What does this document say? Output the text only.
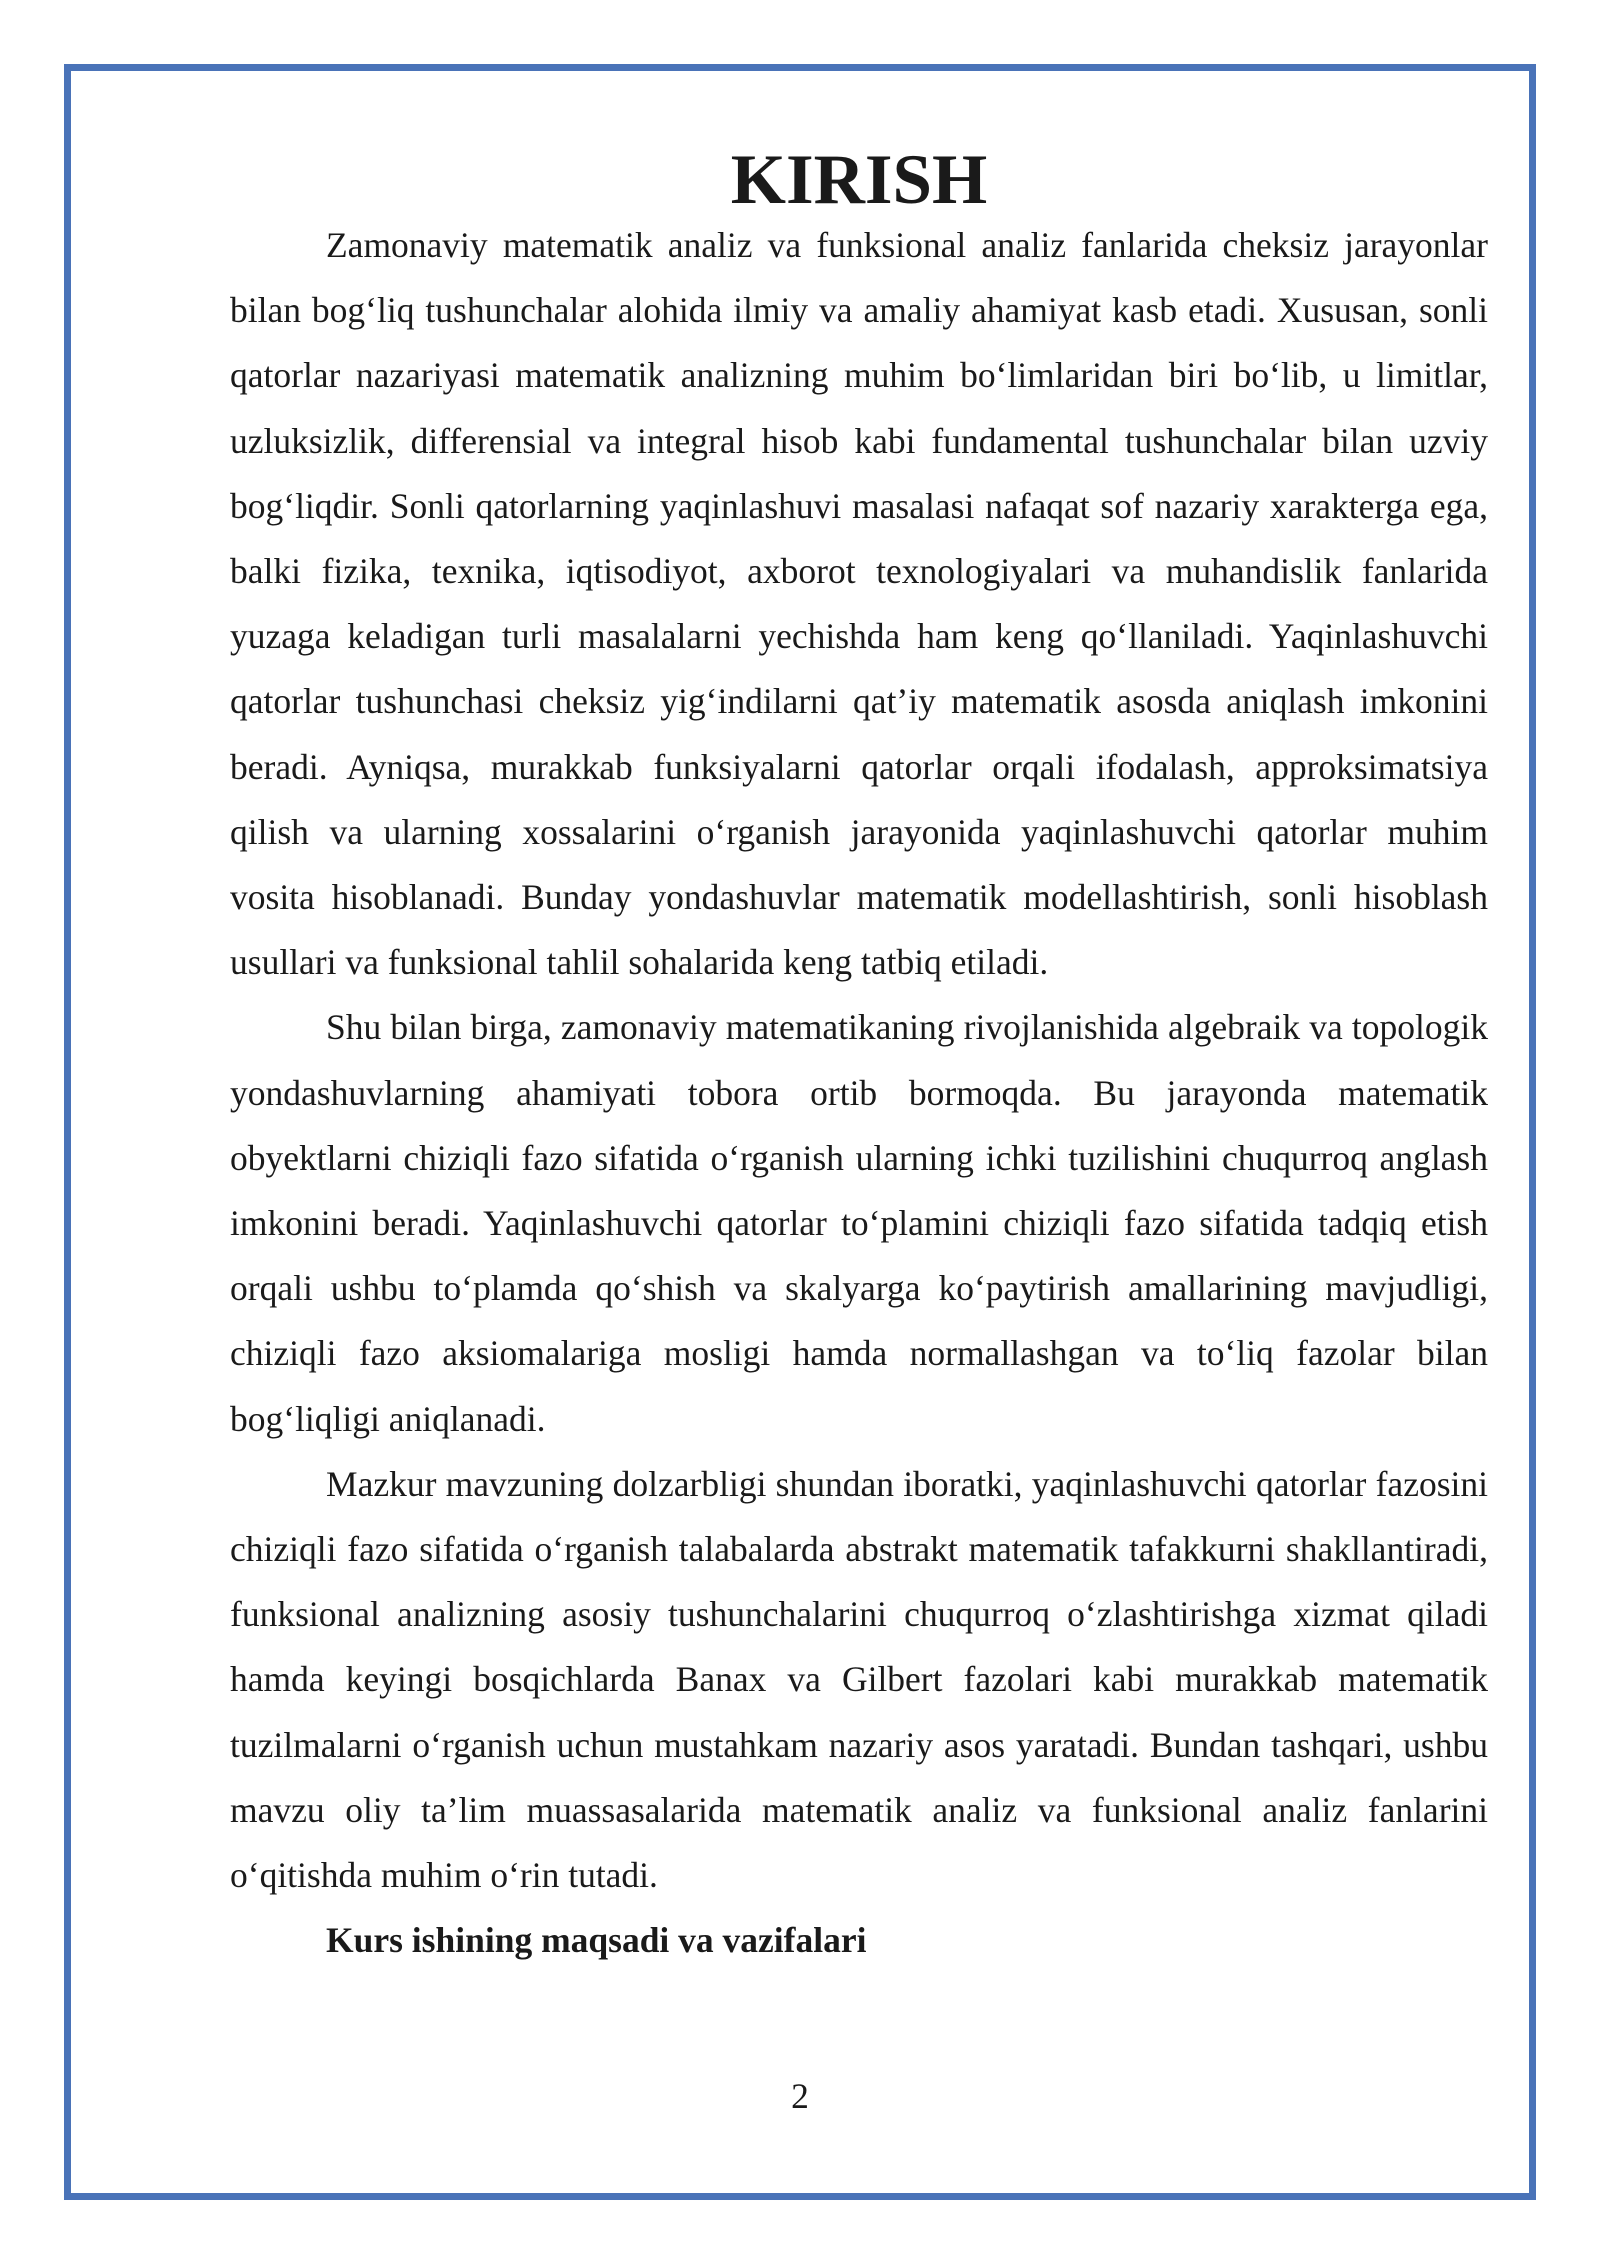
KIRISH

Zamonaviy matematik analiz va funksional analiz fanlarida cheksiz jarayonlar bilan bog‘liq tushunchalar alohida ilmiy va amaliy ahamiyat kasb etadi. Xususan, sonli qatorlar nazariyasi matematik analizning muhim bo‘limlaridan biri bo‘lib, u limitlar, uzluksizlik, differensial va integral hisob kabi fundamental tushunchalar bilan uzviy bog‘liqdir. Sonli qatorlarning yaqinlashuvi masalasi nafaqat sof nazariy xarakterga ega, balki fizika, texnika, iqtisodiyot, axborot texnologiyalari va muhandislik fanlarida yuzaga keladigan turli masalalarni yechishda ham keng qo‘llaniladi. Yaqinlashuvchi qatorlar tushunchasi cheksiz yig‘indilarni qat’iy matematik asosda aniqlash imkonini beradi. Ayniqsa, murakkab funksiyalarni qatorlar orqali ifodalash, approksimatsiya qilish va ularning xossalarini o‘rganish jarayonida yaqinlashuvchi qatorlar muhim vosita hisoblanadi. Bunday yondashuvlar matematik modellashtirish, sonli hisoblash usullari va funksional tahlil sohalarida keng tatbiq etiladi.

Shu bilan birga, zamonaviy matematikaning rivojlanishida algebraik va topologik yondashuvlarning ahamiyati tobora ortib bormoqda. Bu jarayonda matematik obyektlarni chiziqli fazo sifatida o‘rganish ularning ichki tuzilishini chuqurroq anglash imkonini beradi. Yaqinlashuvchi qatorlar to‘plamini chiziqli fazo sifatida tadqiq etish orqali ushbu to‘plamda qo‘shish va skalyarga ko‘paytirish amallarining mavjudligi, chiziqli fazo aksiomalariga mosligi hamda normallashgan va to‘liq fazolar bilan bog‘liqligi aniqlanadi.

Mazkur mavzuning dolzarbligi shundan iboratki, yaqinlashuvchi qatorlar fazosini chiziqli fazo sifatida o‘rganish talabalarda abstrakt matematik tafakkurni shakllantiradi, funksional analizning asosiy tushunchalarini chuqurroq o‘zlashtirishga xizmat qiladi hamda keyingi bosqichlarda Banax va Gilbert fazolari kabi murakkab matematik tuzilmalarni o‘rganish uchun mustahkam nazariy asos yaratadi. Bundan tashqari, ushbu mavzu oliy ta’lim muassasalarida matematik analiz va funksional analiz fanlarini o‘qitishda muhim o‘rin tutadi.

Kurs ishining maqsadi va vazifalari

2
